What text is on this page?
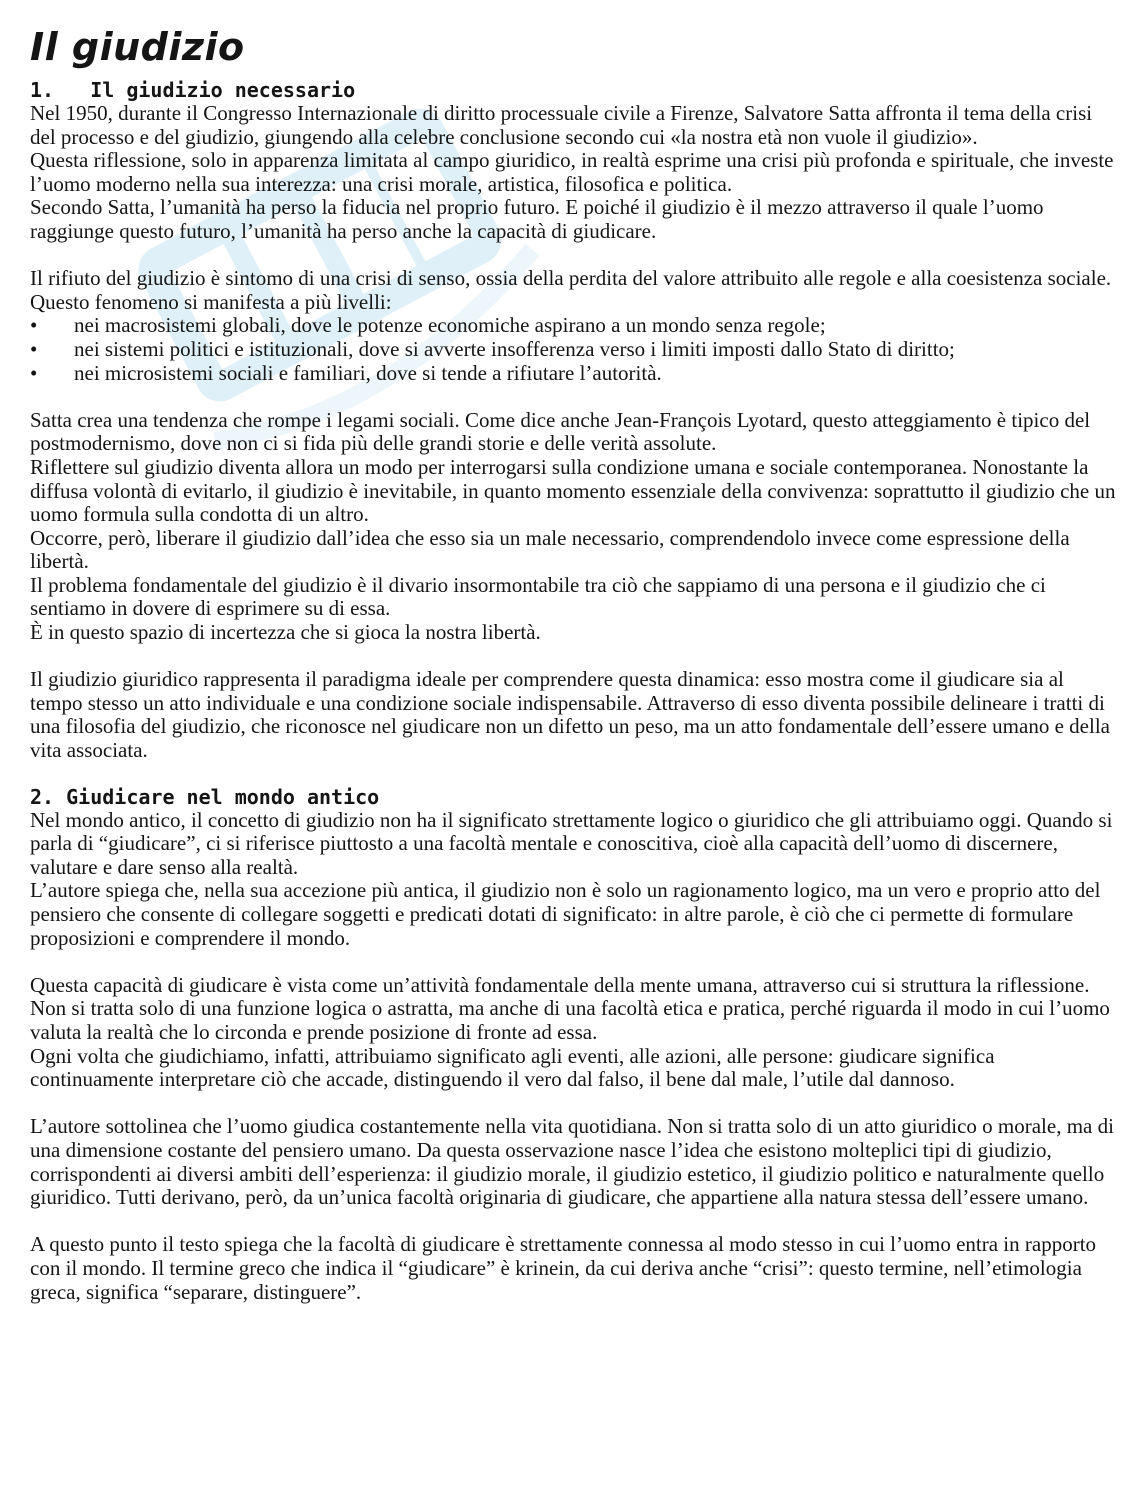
Il giudizio
1.   Il giudizio necessario

Nel 1950, durante il Congresso Internazionale di diritto processuale civile a Firenze, Salvatore Satta affronta il tema della crisi del processo e del giudizio, giungendo alla celebre conclusione secondo cui «la nostra età non vuole il giudizio».

Questa riflessione, solo in apparenza limitata al campo giuridico, in realtà esprime una crisi più profonda e spirituale, che investe l’uomo moderno nella sua interezza: una crisi morale, artistica, filosofica e politica.

Secondo Satta, l’umanità ha perso la fiducia nel proprio futuro. E poiché il giudizio è il mezzo attraverso il quale l’uomo raggiunge questo futuro, l’umanità ha perso anche la capacità di giudicare.

Il rifiuto del giudizio è sintomo di una crisi di senso, ossia della perdita del valore attribuito alle regole e alla coesistenza sociale. Questo fenomeno si manifesta a più livelli:

• nei macrosistemi globali, dove le potenze economiche aspirano a un mondo senza regole;
• nei sistemi politici e istituzionali, dove si avverte insofferenza verso i limiti imposti dallo Stato di diritto;
• nei microsistemi sociali e familiari, dove si tende a rifiutare l’autorità.

Satta crea una tendenza che rompe i legami sociali. Come dice anche Jean-François Lyotard, questo atteggiamento è tipico del postmodernismo, dove non ci si fida più delle grandi storie e delle verità assolute.

Riflettere sul giudizio diventa allora un modo per interrogarsi sulla condizione umana e sociale contemporanea. Nonostante la diffusa volontà di evitarlo, il giudizio è inevitabile, in quanto momento essenziale della convivenza: soprattutto il giudizio che un uomo formula sulla condotta di un altro.

Occorre, però, liberare il giudizio dall’idea che esso sia un male necessario, comprendendolo invece come espressione della libertà.

Il problema fondamentale del giudizio è il divario insormontabile tra ciò che sappiamo di una persona e il giudizio che ci sentiamo in dovere di esprimere su di essa.

È in questo spazio di incertezza che si gioca la nostra libertà.

Il giudizio giuridico rappresenta il paradigma ideale per comprendere questa dinamica: esso mostra come il giudicare sia al tempo stesso un atto individuale e una condizione sociale indispensabile. Attraverso di esso diventa possibile delineare i tratti di una filosofia del giudizio, che riconosce nel giudicare non un difetto un peso, ma un atto fondamentale dell’essere umano e della vita associata.

2. Giudicare nel mondo antico

Nel mondo antico, il concetto di giudizio non ha il significato strettamente logico o giuridico che gli attribuiamo oggi. Quando si parla di “giudicare”, ci si riferisce piuttosto a una facoltà mentale e conoscitiva, cioè alla capacità dell’uomo di discernere, valutare e dare senso alla realtà.

L’autore spiega che, nella sua accezione più antica, il giudizio non è solo un ragionamento logico, ma un vero e proprio atto del pensiero che consente di collegare soggetti e predicati dotati di significato: in altre parole, è ciò che ci permette di formulare proposizioni e comprendere il mondo.

Questa capacità di giudicare è vista come un’attività fondamentale della mente umana, attraverso cui si struttura la riflessione. Non si tratta solo di una funzione logica o astratta, ma anche di una facoltà etica e pratica, perché riguarda il modo in cui l’uomo valuta la realtà che lo circonda e prende posizione di fronte ad essa.

Ogni volta che giudichiamo, infatti, attribuiamo significato agli eventi, alle azioni, alle persone: giudicare significa continuamente interpretare ciò che accade, distinguendo il vero dal falso, il bene dal male, l’utile dal dannoso.

L’autore sottolinea che l’uomo giudica costantemente nella vita quotidiana. Non si tratta solo di un atto giuridico o morale, ma di una dimensione costante del pensiero umano. Da questa osservazione nasce l’idea che esistono molteplici tipi di giudizio, corrispondenti ai diversi ambiti dell’esperienza: il giudizio morale, il giudizio estetico, il giudizio politico e naturalmente quello giuridico. Tutti derivano, però, da un’unica facoltà originaria di giudicare, che appartiene alla natura stessa dell’essere umano.

A questo punto il testo spiega che la facoltà di giudicare è strettamente connessa al modo stesso in cui l’uomo entra in rapporto con il mondo. Il termine greco che indica il “giudicare” è krinein, da cui deriva anche “crisi”: questo termine, nell’etimologia greca, significa “separare, distinguere”.
